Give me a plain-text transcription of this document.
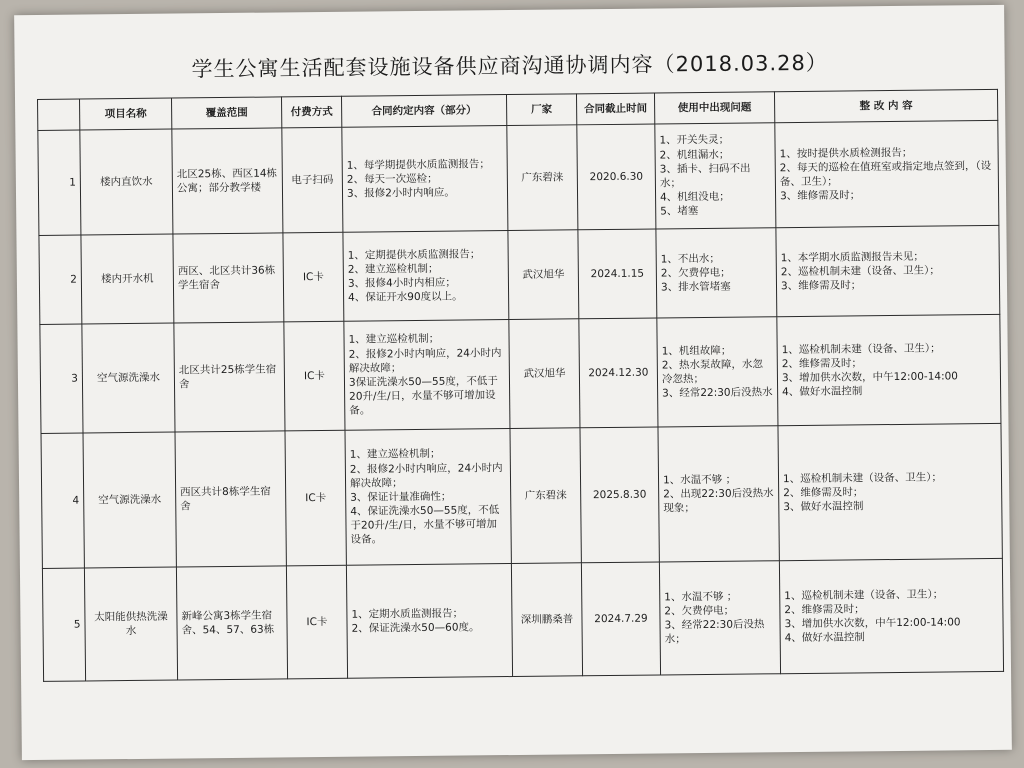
学生公寓生活配套设施设备供应商沟通协调内容（2018.03.28）
	项目名称	覆盖范围	付费方式	合同约定内容（部分）	厂家	合同截止时间	使用中出现问题	整 改 内 容
1	楼内直饮水	北区25栋、西区14栋公寓；部分教学楼	电子扫码	1、每学期提供水质监测报告；
2、每天一次巡检；
3、报修2小时内响应。	广东碧涞	2020.6.30	1、开关失灵；
2、机组漏水；
3、插卡、扫码不出水；
4、机组没电；
5、堵塞	1、按时提供水质检测报告；
2、每天的巡检在值班室或指定地点签到，（设备、卫生）；
3、维修需及时；

2	楼内开水机	西区、北区共计36栋学生宿舍	IC卡	1、定期提供水质监测报告；
2、建立巡检机制；
3、报修4小时内相应；
4、保证开水90度以上。	武汉旭华	2024.1.15	1、不出水；
2、欠费停电；
3、排水管堵塞	1、本学期水质监测报告未见；
2、巡检机制未建（设备、卫生）；
3、维修需及时；

3	空气源洗澡水	北区共计25栋学生宿舍	IC卡	1、建立巡检机制；
2、报修2小时内响应，24小时内解决故障；
3保证洗澡水50—55度，不低于20升/生/日，水量不够可增加设备。	武汉旭华	2024.12.30	1、机组故障；
2、热水泵故障，水忽冷忽热；
3、经常22:30后没热水	1、巡检机制未建（设备、卫生）；
2、维修需及时；
3、增加供水次数，中午12:00-14:00
4、做好水温控制

4	空气源洗澡水	西区共计8栋学生宿舍	IC卡	1、建立巡检机制；
2、报修2小时内响应，24小时内解决故障；
3、保证计量准确性；
4、保证洗澡水50—55度，不低于20升/生/日，水量不够可增加设备。	广东碧涞	2025.8.30	1、水温不够 ；
2、出现22:30后没热水现象；	1、巡检机制未建（设备、卫生）；
2、维修需及时；
3、做好水温控制

5	太阳能供热洗澡水	新峰公寓3栋学生宿舍、54、57、63栋	IC卡	1、定期水质监测报告；
2、保证洗澡水50—60度。	深圳鹏桑普	2024.7.29	1、水温不够 ；
2、欠费停电；
3、经常22:30后没热水；	1、巡检机制未建（设备、卫生）；
2、维修需及时；
3、增加供水次数，中午12:00-14:00
4、做好水温控制
